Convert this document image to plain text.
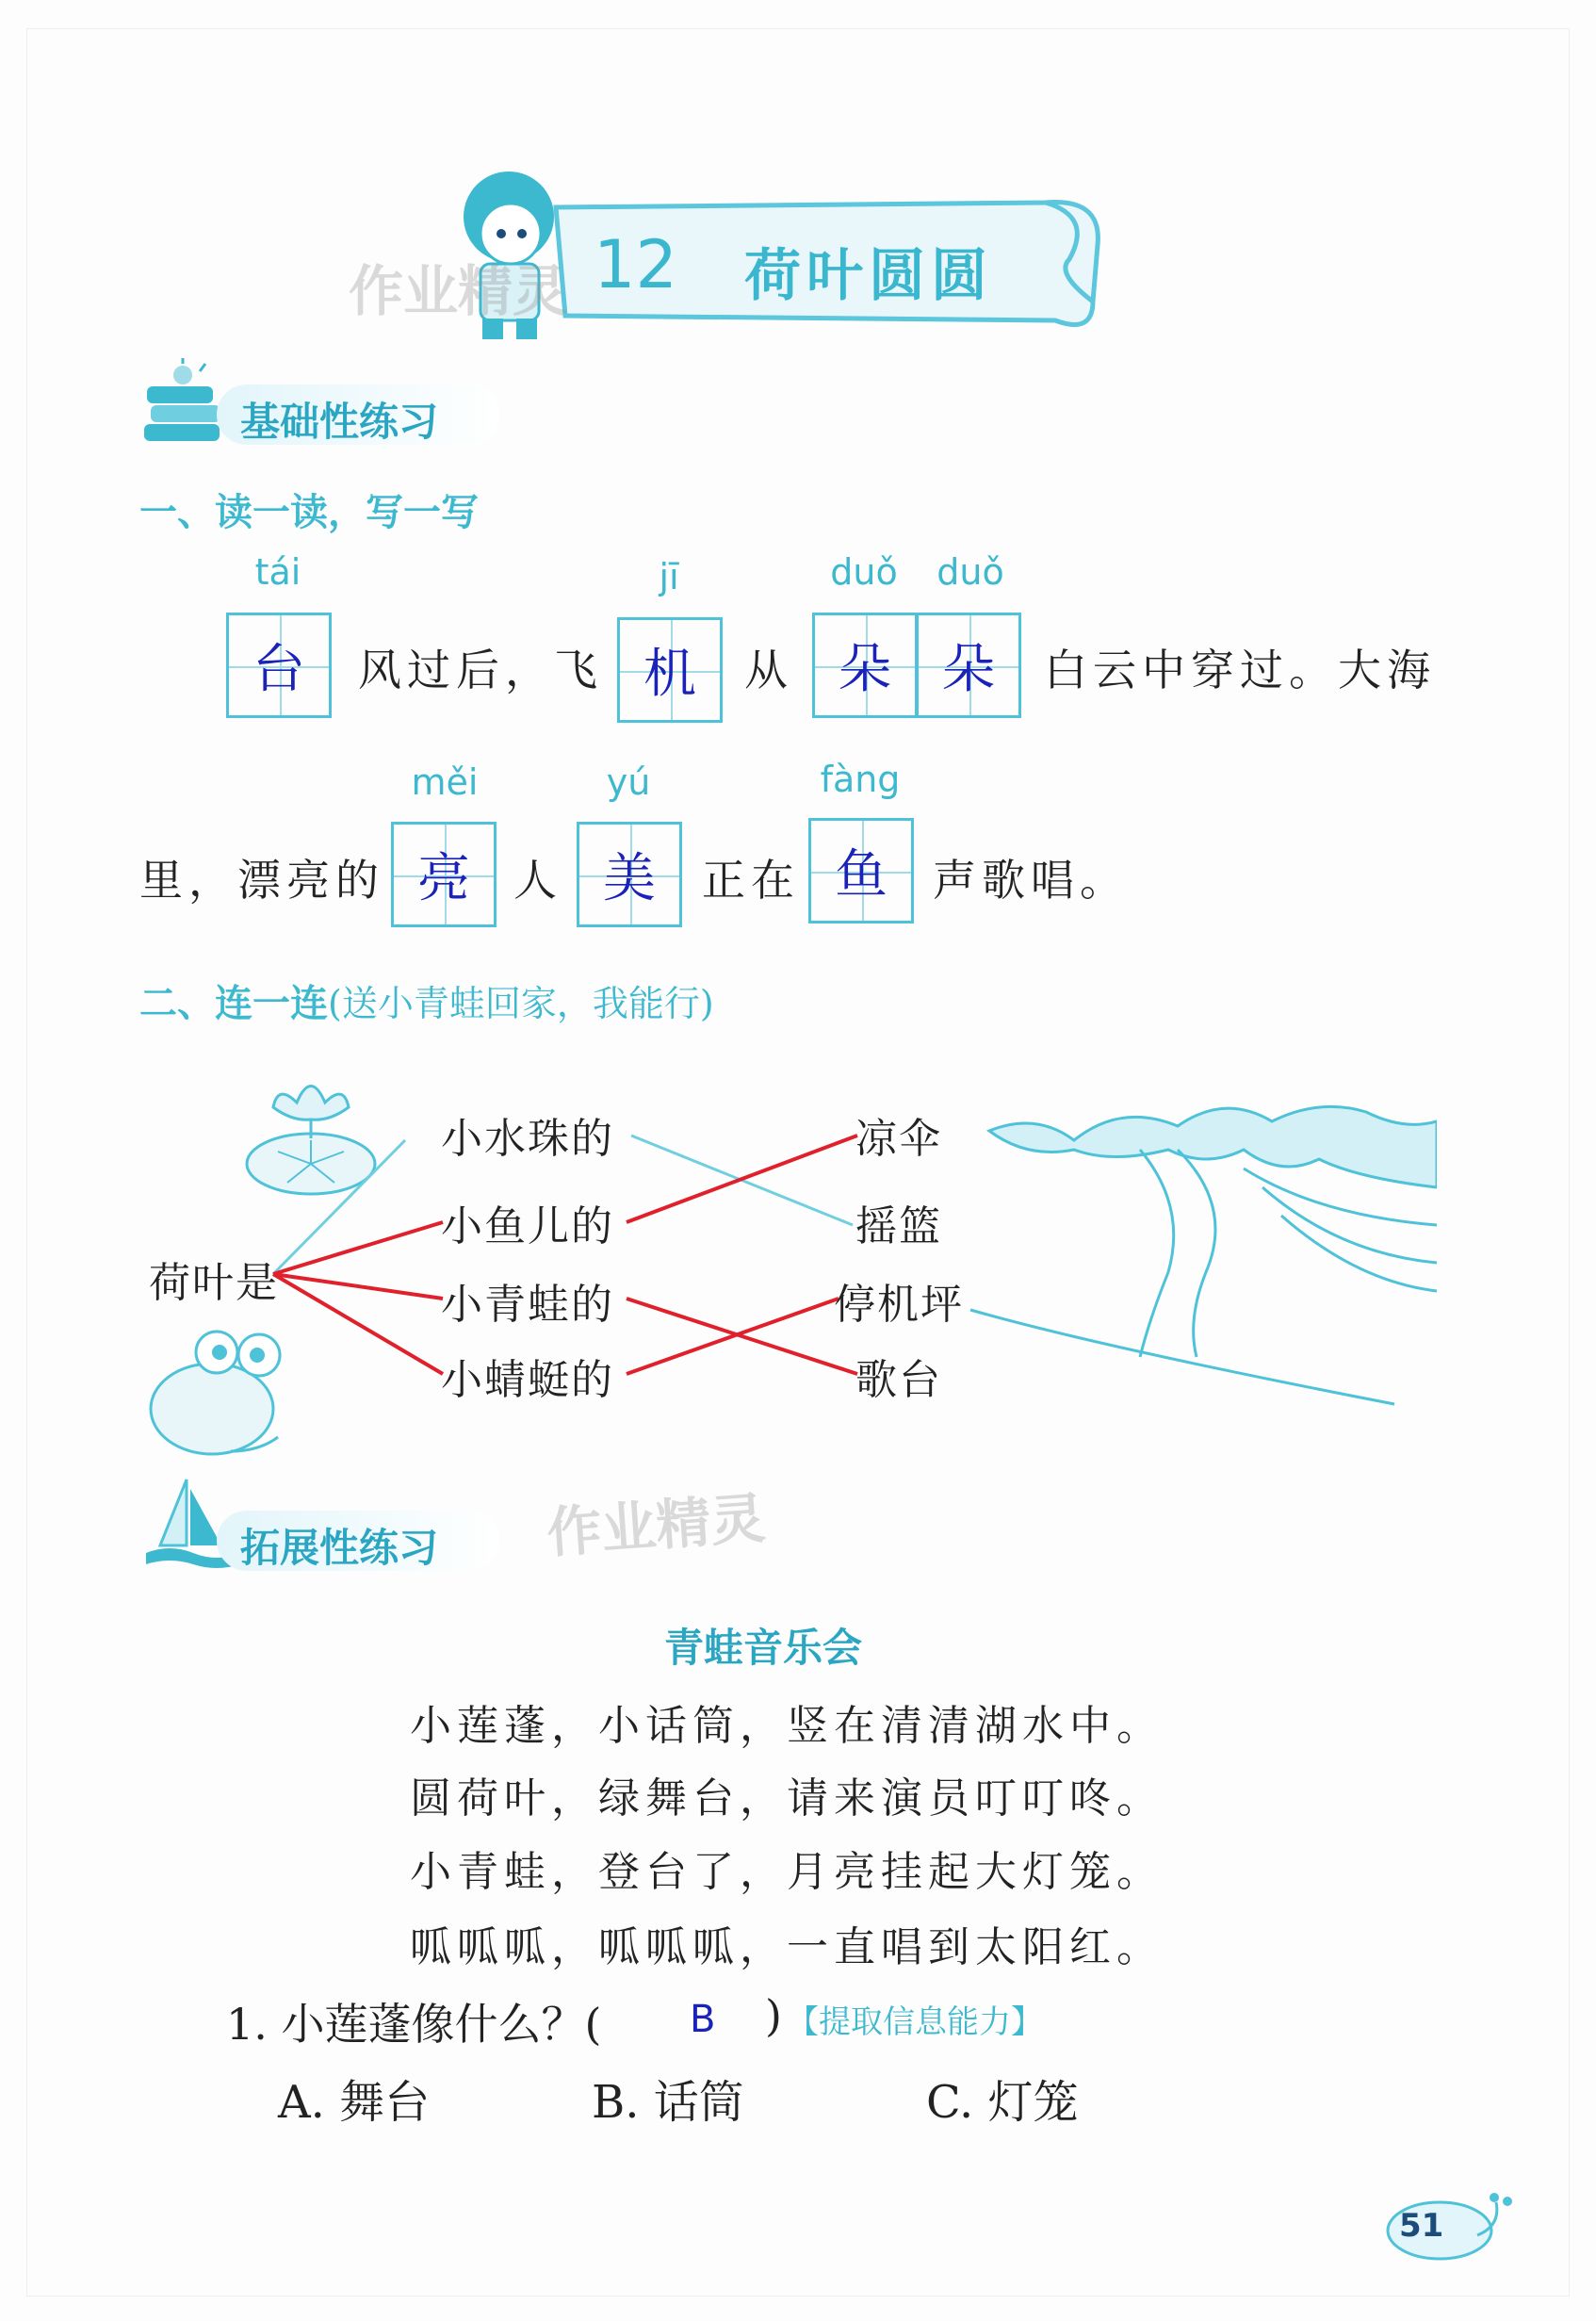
作业精灵 12 荷叶圆圆
基础性练习
一、读一读，写一写
tái	jī	duǒ	duǒ
台	风过后，飞 机	从 朵 朵	白云中穿过。大海
měi	yú	fàng
里，漂亮的 亮	人 美	正在 鱼	声歌唱。
二、连一连(送小青蛙回家，我能行)
荷叶是
小水珠的
小鱼儿的
小青蛙的
小蜻蜓的
凉伞
摇篮
停机坪
歌台
拓展性练习 作业精灵
青蛙音乐会
小莲蓬，小话筒，竖在清清湖水中。
圆荷叶，绿舞台，请来演员叮叮咚。
小青蛙，登台了，月亮挂起大灯笼。
呱呱呱，呱呱呱，一直唱到太阳红。
1. 小莲蓬像什么？( B ) 【提取信息能力】
A. 舞台	B. 话筒	C. 灯笼
51
